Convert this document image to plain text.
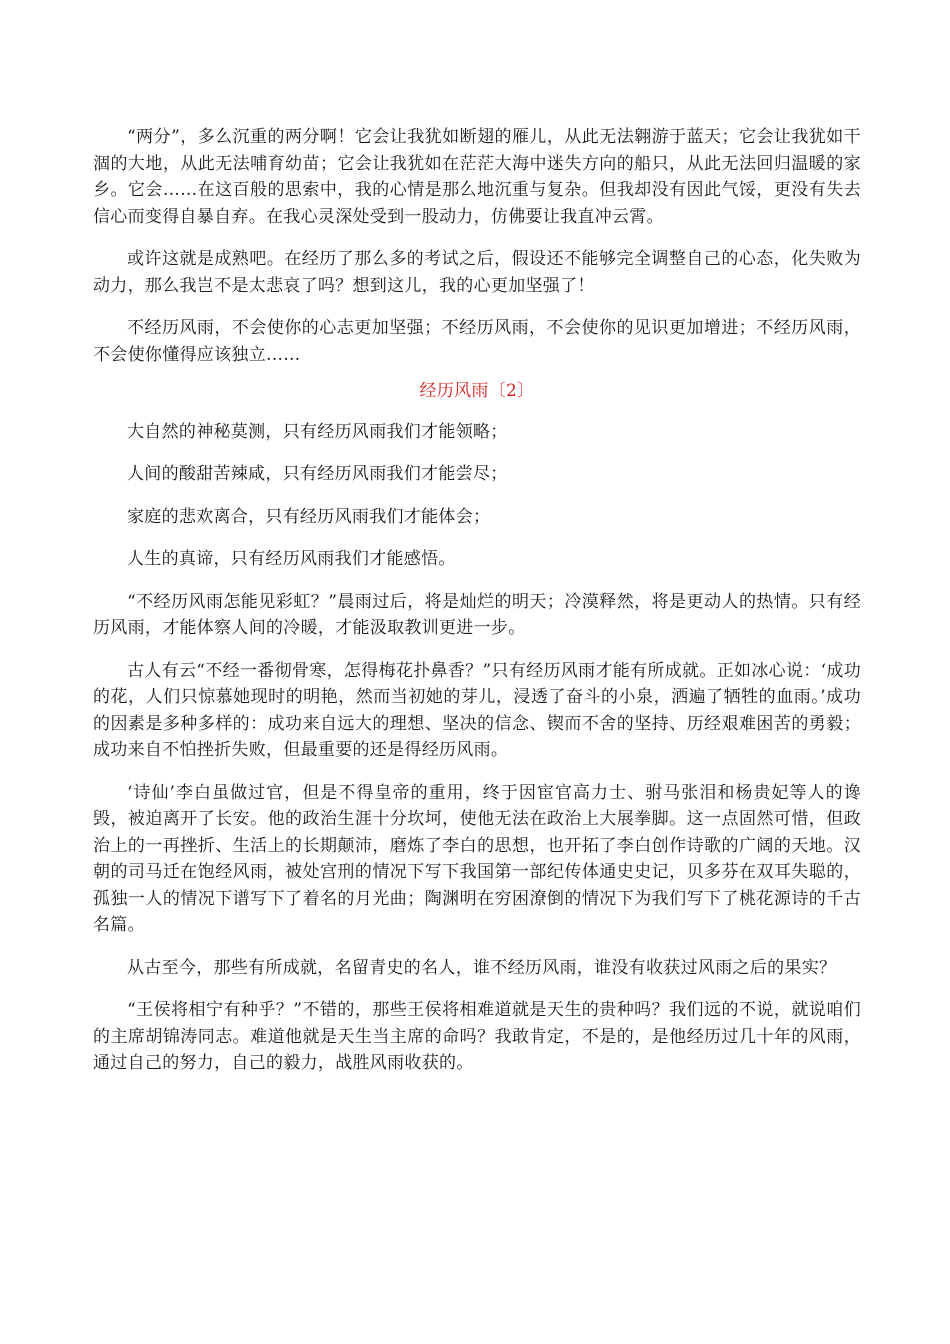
“两分”，多么沉重的两分啊！它会让我犹如断翅的雁儿，从此无法翱游于蓝天；它会让我犹如干涸的大地，从此无法哺育幼苗；它会让我犹如在茫茫大海中迷失方向的船只，从此无法回归温暖的家乡。它会……在这百般的思索中，我的心情是那么地沉重与复杂。但我却没有因此气馁，更没有失去信心而变得自暴自弃。在我心灵深处受到一股动力，仿佛要让我直冲云霄。

或许这就是成熟吧。在经历了那么多的考试之后，假设还不能够完全调整自己的心态，化失败为动力，那么我岂不是太悲哀了吗？想到这儿，我的心更加坚强了！

不经历风雨，不会使你的心志更加坚强；不经历风雨，不会使你的见识更加增进；不经历风雨，不会使你懂得应该独立……

经历风雨〔2〕

大自然的神秘莫测，只有经历风雨我们才能领略；

人间的酸甜苦辣咸，只有经历风雨我们才能尝尽；

家庭的悲欢离合，只有经历风雨我们才能体会；

人生的真谛，只有经历风雨我们才能感悟。

“不经历风雨怎能见彩虹？”晨雨过后，将是灿烂的明天；冷漠释然，将是更动人的热情。只有经历风雨，才能体察人间的冷暖，才能汲取教训更进一步。

古人有云“不经一番彻骨寒，怎得梅花扑鼻香？”只有经历风雨才能有所成就。正如冰心说：‘成功的花，人们只惊慕她现时的明艳，然而当初她的芽儿，浸透了奋斗的小泉，洒遍了牺牲的血雨。’成功的因素是多种多样的：成功来自远大的理想、坚决的信念、锲而不舍的坚持、历经艰难困苦的勇毅；成功来自不怕挫折失败，但最重要的还是得经历风雨。

‘诗仙’李白虽做过官，但是不得皇帝的重用，终于因宦官高力士、驸马张泪和杨贵妃等人的谗毁，被迫离开了长安。他的政治生涯十分坎坷，使他无法在政治上大展拳脚。这一点固然可惜，但政治上的一再挫折、生活上的长期颠沛，磨炼了李白的思想，也开拓了李白创作诗歌的广阔的天地。汉朝的司马迁在饱经风雨，被处宫刑的情况下写下我国第一部纪传体通史史记，贝多芬在双耳失聪的，孤独一人的情况下谱写下了着名的月光曲；陶渊明在穷困潦倒的情况下为我们写下了桃花源诗的千古名篇。

从古至今，那些有所成就，名留青史的名人，谁不经历风雨，谁没有收获过风雨之后的果实？

“王侯将相宁有种乎？”不错的，那些王侯将相难道就是天生的贵种吗？我们远的不说，就说咱们的主席胡锦涛同志。难道他就是天生当主席的命吗？我敢肯定，不是的，是他经历过几十年的风雨，通过自己的努力，自己的毅力，战胜风雨收获的。
